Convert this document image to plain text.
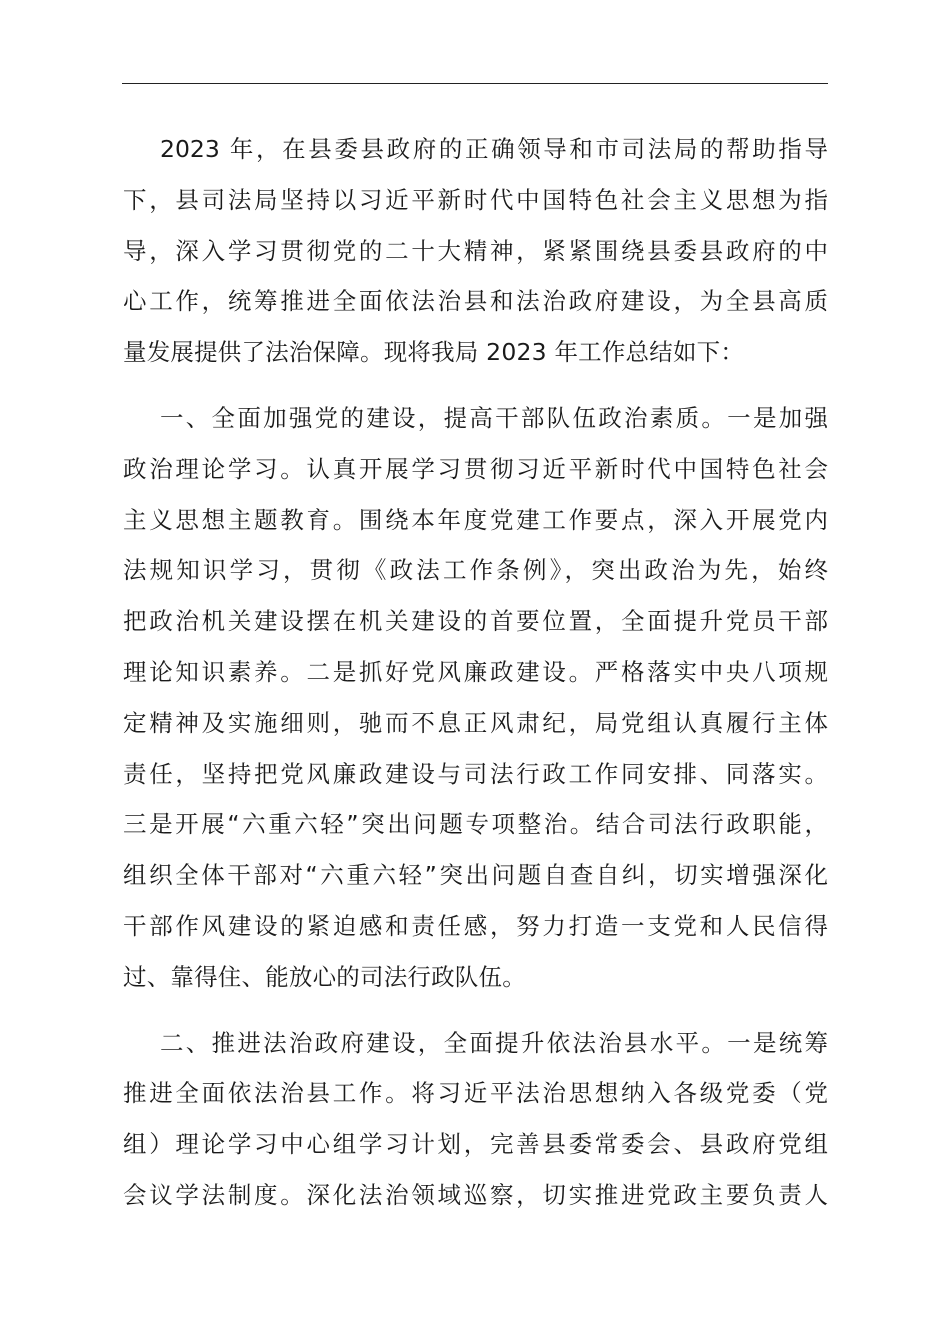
2023 年，在县委县政府的正确领导和市司法局的帮助指导
下，县司法局坚持以习近平新时代中国特色社会主义思想为指
导，深入学习贯彻党的二十大精神，紧紧围绕县委县政府的中
心工作，统筹推进全面依法治县和法治政府建设，为全县高质
量发展提供了法治保障。现将我局 2023 年工作总结如下：

一、全面加强党的建设，提高干部队伍政治素质。一是加强
政治理论学习。认真开展学习贯彻习近平新时代中国特色社会
主义思想主题教育。围绕本年度党建工作要点，深入开展党内
法规知识学习，贯彻《政法工作条例》，突出政治为先，始终
把政治机关建设摆在机关建设的首要位置，全面提升党员干部
理论知识素养。二是抓好党风廉政建设。严格落实中央八项规
定精神及实施细则，驰而不息正风肃纪，局党组认真履行主体
责任，坚持把党风廉政建设与司法行政工作同安排、同落实。
三是开展“六重六轻”突出问题专项整治。结合司法行政职能，
组织全体干部对“六重六轻”突出问题自查自纠，切实增强深化
干部作风建设的紧迫感和责任感，努力打造一支党和人民信得
过、靠得住、能放心的司法行政队伍。

二、推进法治政府建设，全面提升依法治县水平。一是统筹
推进全面依法治县工作。将习近平法治思想纳入各级党委（党
组）理论学习中心组学习计划，完善县委常委会、县政府党组
会议学法制度。深化法治领域巡察，切实推进党政主要负责人
